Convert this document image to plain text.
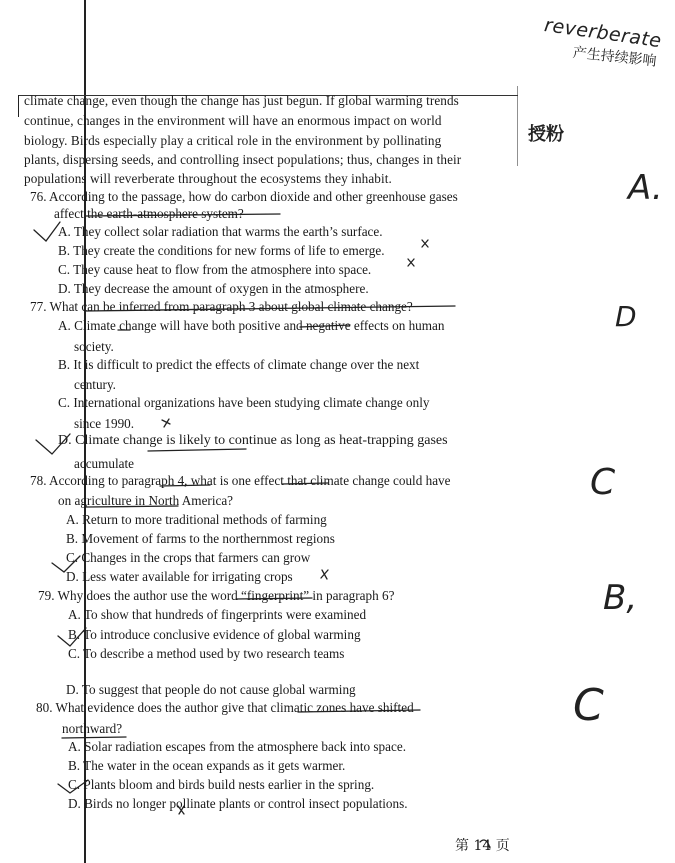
reverberate
产生持续影响
授粉
climate change, even though the change has just begun. If global warming trends
continue, changes in the environment will have an enormous impact on world
biology. Birds especially play a critical role in the environment by pollinating
plants, dispersing seeds, and controlling insect populations; thus, changes in their
populations will reverberate throughout the ecosystems they inhabit.
76. According to the passage, how do carbon dioxide and other greenhouse gases
affect the earth-atmosphere system?
A. They collect solar radiation that warms the earth’s surface.
B. They create the conditions for new forms of life to emerge.
C. They cause heat to flow from the atmosphere into space.
D. They decrease the amount of oxygen in the atmosphere.
77. What can be inferred from paragraph 3 about global climate change?
A. Climate change will have both positive and negative effects on human
society.
B. It is difficult to predict the effects of climate change over the next
century.
C. International organizations have been studying climate change only
since 1990.
D. Climate change is likely to continue as long as heat-trapping gases
accumulate
78. According to paragraph 4, what is one effect that climate change could have
on agriculture in North America?
A. Return to more traditional methods of farming
B. Movement of farms to the northernmost regions
C. Changes in the crops that farmers can grow
D. Less water available for irrigating crops
79. Why does the author use the word “fingerprint” in paragraph 6?
A. To show that hundreds of fingerprints were examined
B. To introduce conclusive evidence of global warming
C. To describe a method used by two research teams
D. To suggest that people do not cause global warming
80. What evidence does the author give that climatic zones have shifted
northward?
A. Solar radiation escapes from the atmosphere back into space.
B. The water in the ocean expands as it gets warmer.
C. Plants bloom and birds build nests earlier in the spring.
D. Birds no longer pollinate plants or control insect populations.
A.
D
C
B,
C
第 14 页
